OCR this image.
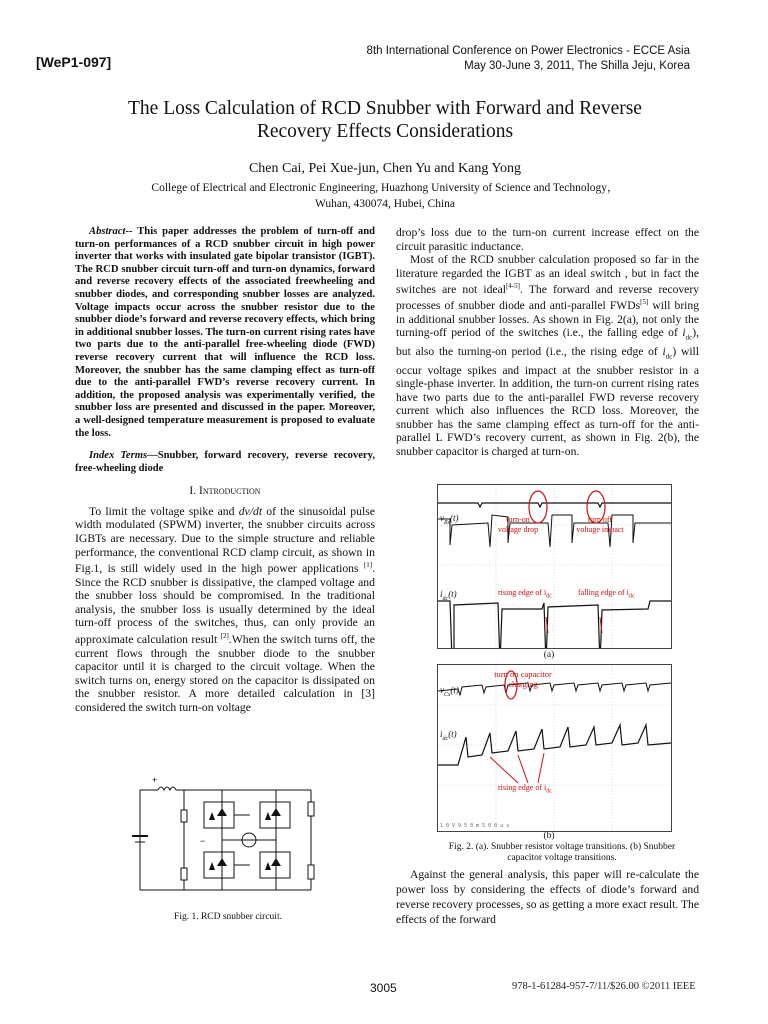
[WeP1-097]
8th International Conference on Power Electronics - ECCE Asia
May 30-June 3, 2011, The Shilla Jeju, Korea
The Loss Calculation of RCD Snubber with Forward and Reverse
Recovery Effects Considerations
Chen Cai, Pei Xue-jun, Chen Yu and Kang Yong
College of Electrical and Electronic Engineering, Huazhong University of Science and Technology，
Wuhan, 430074, Hubei, China

Abstract-- This paper addresses the problem of turn-off and turn-on performances of a RCD snubber circuit in high power inverter that works with insulated gate bipolar transistor (IGBT). The RCD snubber circuit turn-off and turn-on dynamics, forward and reverse recovery effects of the associated freewheeling and snubber diodes, and corresponding snubber losses are analyzed. Voltage impacts occur across the snubber resistor due to the snubber diode’s forward and reverse recovery effects, which bring in additional snubber losses. The turn-on current rising rates have two parts due to the anti-parallel free-wheeling diode (FWD) reverse recovery current that will influence the RCD loss. Moreover, the snubber has the same clamping effect as turn-off due to the anti-parallel FWD’s reverse recovery current. In addition, the proposed analysis was experimentally verified, the snubber loss are presented and discussed in the paper. Moreover, a well-designed temperature measurement is proposed to evaluate the loss.

Index Terms—Snubber, forward recovery, reverse recovery, free-wheeling diode

I. Introduction

To limit the voltage spike and dv/dt of the sinusoidal pulse width modulated (SPWM) inverter, the snubber circuits across IGBTs are necessary. Due to the simple structure and reliable performance, the conventional RCD clamp circuit, as shown in Fig.1, is still widely used in the high power applications [1]. Since the RCD snubber is dissipative, the clamped voltage and the snubber loss should be compromised. In the traditional analysis, the snubber loss is usually determined by the ideal turn-off process of the switches, thus, can only provide an approximate calculation result [2].When the switch turns off, the current flows through the snubber diode to the snubber capacitor until it is charged to the circuit voltage. When the switch turns on, energy stored on the capacitor is dissipated on the snubber resistor. A more detailed calculation in [3] considered the switch turn-on voltage

+
−
Fig. 1. RCD snubber circuit.

drop’s loss due to the turn-on current increase effect on the circuit parasitic inductance.

Most of the RCD snubber calculation proposed so far in the literature regarded the IGBT as an ideal switch , but in fact the switches are not ideal[4-5]. The forward and reverse recovery processes of snubber diode and anti-parallel FWDs[5] will bring in additional snubber losses. As shown in Fig. 2(a), not only the turning-off period of the switches (i.e., the falling edge of $i_{dc}$), but also the turning-on period (i.e., the rising edge of $i_{dc}$) will occur voltage spikes and impact at the snubber resistor in a single-phase inverter. In addition, the turn-on current rising rates have two parts due to the anti-parallel FWD reverse recovery current which also influences the RCD loss. Moreover, the snubber has the same clamping effect as turn-off for the anti-parallel L FWD’s recovery current, as shown in Fig. 2(b), the snubber capacitor is charged at turn-on.

$v_{Rs}(t)$
$i_{dc}(t)$
turn-on
voltage drop
turn off
voltage impact
rising edge of $i_{dc}$	falling edge of $i_{dc}$
(a)
1 0 V 9 5 0 m 5 0 0 u s
$v_{Cs}(t)$
$i_{dc}(t)$
turn on capacitor
charging
rising edge of $i_{dc}$
(b)
Fig. 2. (a). Snubber resistor voltage transitions. (b) Snubber
capacitor voltage transitions.
Against the general analysis, this paper will re-calculate the power loss by considering the effects of diode’s forward and reverse recovery processes, so as getting a more exact result. The effects of the forward
3005	978-1-61284-957-7/11/$26.00 ©2011 IEEE
